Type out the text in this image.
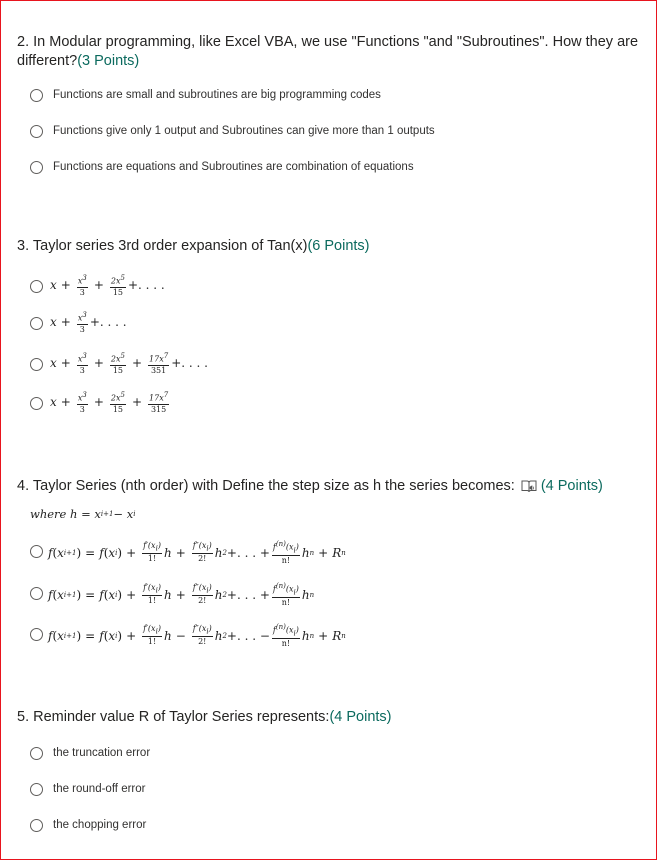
2. In Modular programming, like Excel VBA, we use "Functions "and "Subroutines". How they are different?(3 Points)
Functions are small and subroutines are big programming codes
Functions give only 1 output and Subroutines can give more than 1 outputs
Functions are equations and Subroutines are combination of equations
3. Taylor series 3rd order expansion of Tan(x)(6 Points)
$x + \frac{x^3}{3} + \frac{2x^5}{15}$ +. . . .
$x + \frac{x^3}{3}$ +. . . .
$x + \frac{x^3}{3} + \frac{2x^5}{15} + \frac{17x^7}{351}$ +. . . .
$x + \frac{x^3}{3} + \frac{2x^5}{15} + \frac{17x^7}{315}$
4. Taylor Series (nth order) with Define the step size as h the series becomes: (4 Points)
where h = x i+1 − x i
f ( x i+1 ) = f ( x i ) + $\frac{f'(x_i)}{1!}$ $h + \frac{f''(x_i)}{2!}$ h 2 +. . . + $\frac{f^{(n)}(x_i)}{n!}$ h n + R n
f ( x i+1 ) = f ( x i ) + $\frac{f'(x_i)}{1!}$ $h + \frac{f''(x_i)}{2!}$ h 2 +. . . + $\frac{f^{(n)}(x_i)}{n!}$ h n
f ( x i+1 ) = f ( x i ) + $\frac{f'(x_i)}{1!}$ $h - \frac{f''(x_i)}{2!}$ h 2 +. . . − $\frac{f^{(n)}(x_i)}{n!}$ h n + R n
5. Reminder value R of Taylor Series represents:(4 Points)
the truncation error
the round-off error
the chopping error
